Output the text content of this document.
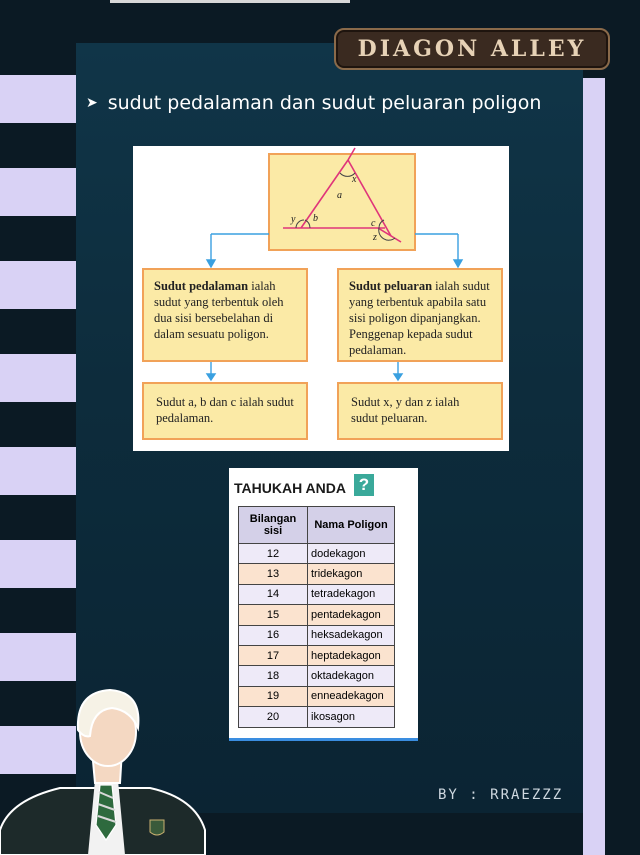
DIAGON ALLEY
➤ sudut pedalaman dan sudut peluaran poligon
x
a
y b	c
z
Sudut pedalaman ialah sudut yang terbentuk oleh dua sisi bersebelahan di dalam sesuatu poligon.
Sudut peluaran ialah sudut yang terbentuk apabila satu sisi poligon dipanjangkan. Penggenap kepada sudut pedalaman.
Sudut a, b dan c ialah sudut pedalaman.
Sudut x, y dan z ialah sudut peluaran.
TAHUKAH ANDA ?
Bilangan sisi	Nama Poligon
12	dodekagon
13	tridekagon
14	tetradekagon
15	pentadekagon
16	heksadekagon
17	heptadekagon
18	oktadekagon
19	enneadekagon
20	ikosagon
BY : RRAEZZZ
